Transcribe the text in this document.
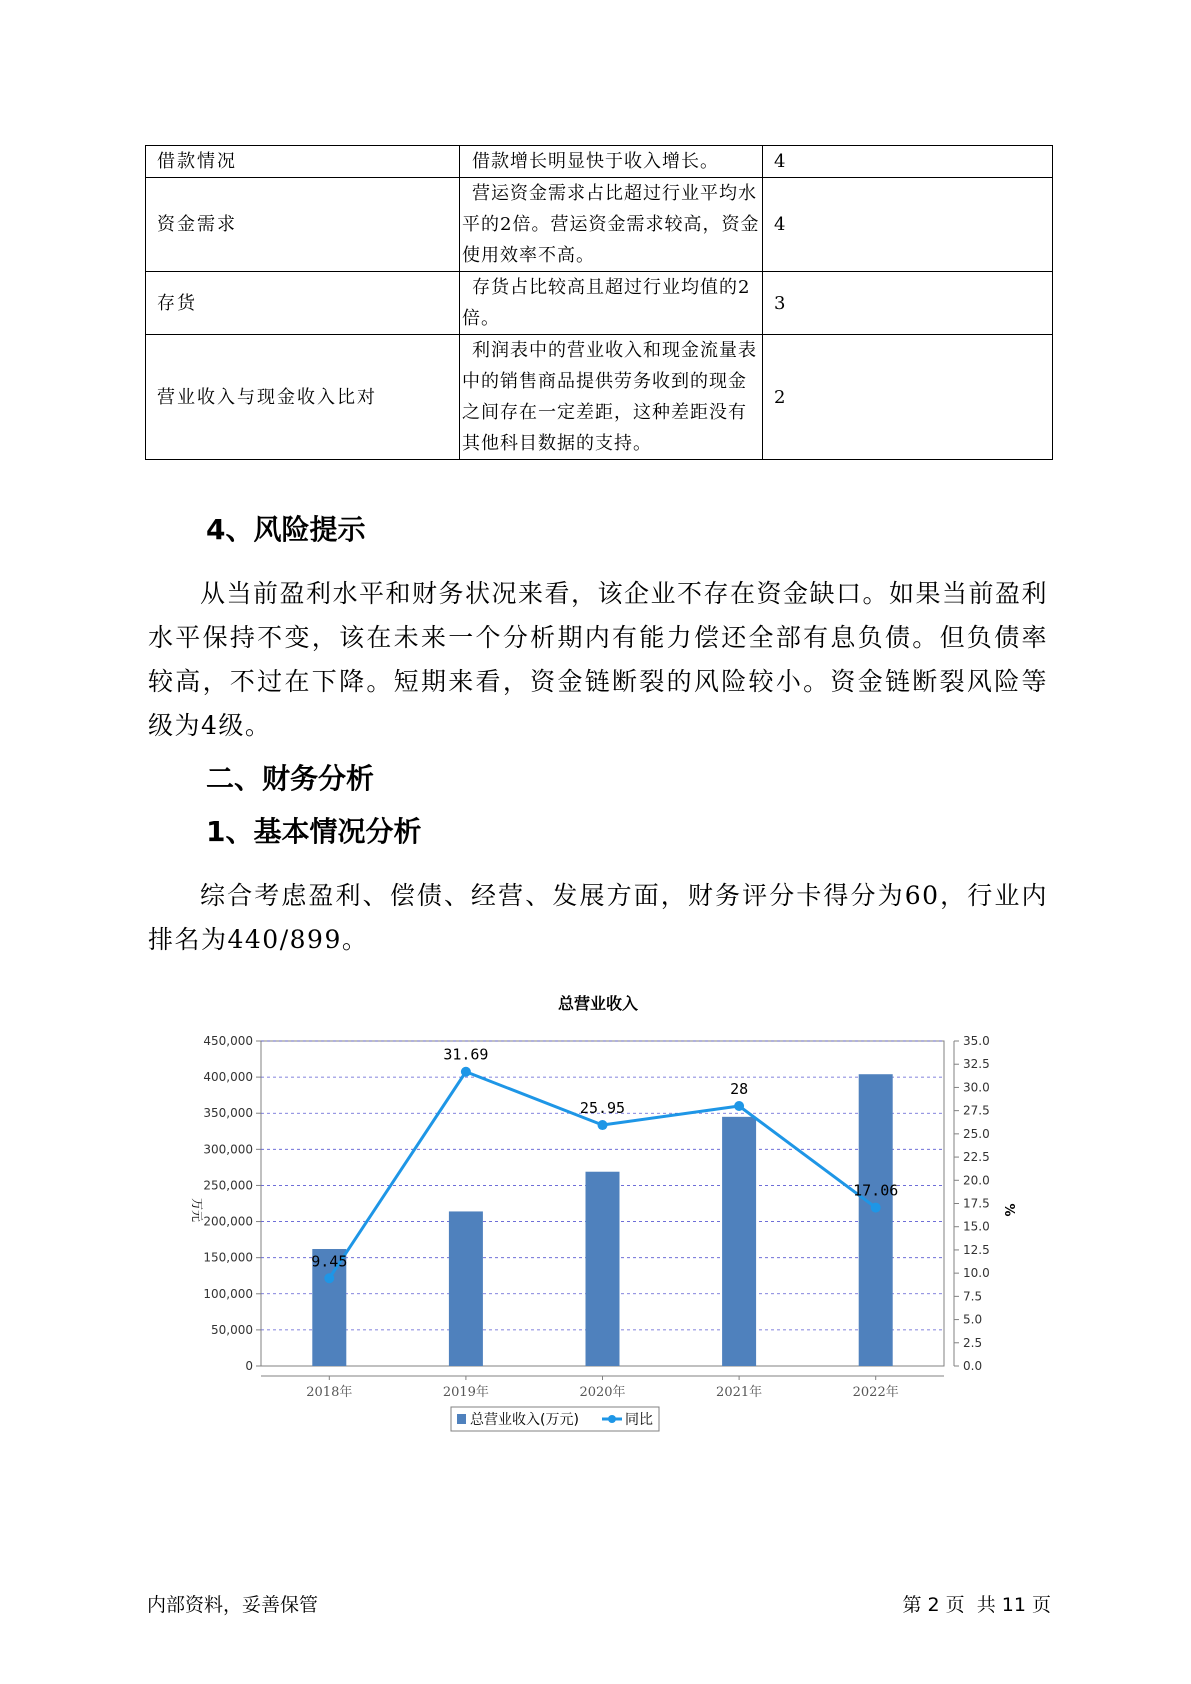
借款情况	借款增长明显快于收入增长。	4
资金需求	营运资金需求占比超过行业平均水平的2倍。营运资金需求较高，资金使用效率不高。	4
存货	存货占比较高且超过行业均值的2倍。	3
营业收入与现金收入比对	利润表中的营业收入和现金流量表中的销售商品提供劳务收到的现金之间存在一定差距，这种差距没有其他科目数据的支持。	2
4、风险提示
从当前盈利水平和财务状况来看，该企业不存在资金缺口。如果当前盈利水平保持不变，该在未来一个分析期内有能力偿还全部有息负债。但负债率较高，不过在下降。短期来看，资金链断裂的风险较小。资金链断裂风险等级为4级。
二、财务分析
1、基本情况分析
综合考虑盈利、偿债、经营、发展方面，财务评分卡得分为60，行业内排名为440/899。
总营业收入
9.45
31.69
25.95
28
17.06
0
50,000
100,000
150,000
200,000
250,000
300,000
350,000
400,000
450,000
0.0
2.5
5.0
7.5
10.0
12.5
15.0
17.5
20.0
22.5
25.0
27.5
30.0
32.5
35.0
2018年	2019年	2020年	2021年	2022年
万元	%
总营业收入(万元)	同比
内部资料，妥善保管	第 2 页  共 11 页
